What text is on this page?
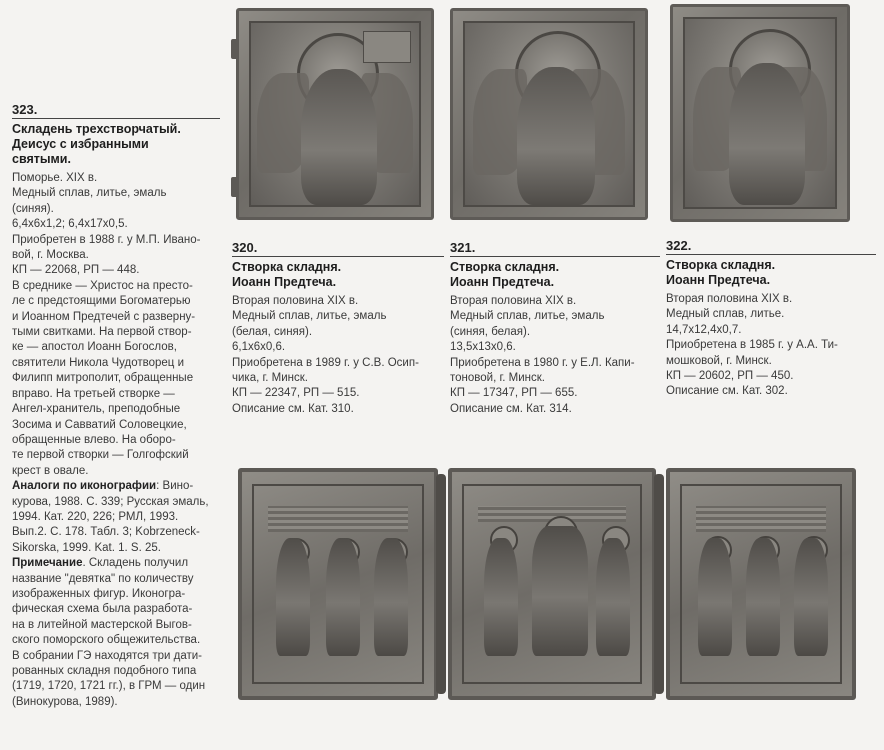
323.
Складень трехстворчатый.
Деисус с избранными
святыми.

Поморье. XIX в.

Медный сплав, литье, эмаль

(синяя).

6,4х6х1,2; 6,4х17х0,5.

Приобретен в 1988 г. у М.П. Ивано-

вой, г. Москва.

КП — 22068, РП — 448.

В среднике — Христос на престо-

ле с предстоящими Богоматерью

и Иоанном Предтечей с разверну-

тыми свитками. На первой створ-

ке — апостол Иоанн Богослов,

святители Никола Чудотворец и

Филипп митрополит, обращенные

вправо. На третьей створке —

Ангел-хранитель, преподобные

Зосима и Савватий Соловецкие,

обращенные влево. На оборо-

те первой створки — Голгофский

крест в овале.

Аналоги по иконографии: Вино-

курова, 1988. С. 339; Русская эмаль,

1994. Кат. 220, 226; РМЛ, 1993.

Вып.2. С. 178. Табл. 3; Kobrzeneck-

Sikorska, 1999. Kat. 1. S. 25.

Примечание. Складень получил

название "девятка" по количеству

изображенных фигур. Иконогра-

фическая схема была разработа-

на в литейной мастерской Выгов-

ского поморского общежительства.

В собрании ГЭ находятся три дати-

рованных складня подобного типа

(1719, 1720, 1721 гг.), в ГРМ — один

(Винокурова, 1989).

320.
Створка складня.
Иоанн Предтеча.

Вторая половина XIX в.

Медный сплав, литье, эмаль

(белая, синяя).

6,1х6х0,6.

Приобретена в 1989 г. у С.В. Осип-

чика, г. Минск.

КП — 22347, РП — 515.

Описание см. Кат. 310.

321.
Створка складня.
Иоанн Предтеча.

Вторая половина XIX в.

Медный сплав, литье, эмаль

(синяя, белая).

13,5х13х0,6.

Приобретена в 1980 г. у Е.Л. Капи-

тоновой, г. Минск.

КП — 17347, РП — 655.

Описание см. Кат. 314.

322.
Створка складня.
Иоанн Предтеча.

Вторая половина XIX в.

Медный сплав, литье.

14,7х12,4х0,7.

Приобретена в 1985 г. у А.А. Ти-

мошковой, г. Минск.

КП — 20602, РП — 450.

Описание см. Кат. 302.
